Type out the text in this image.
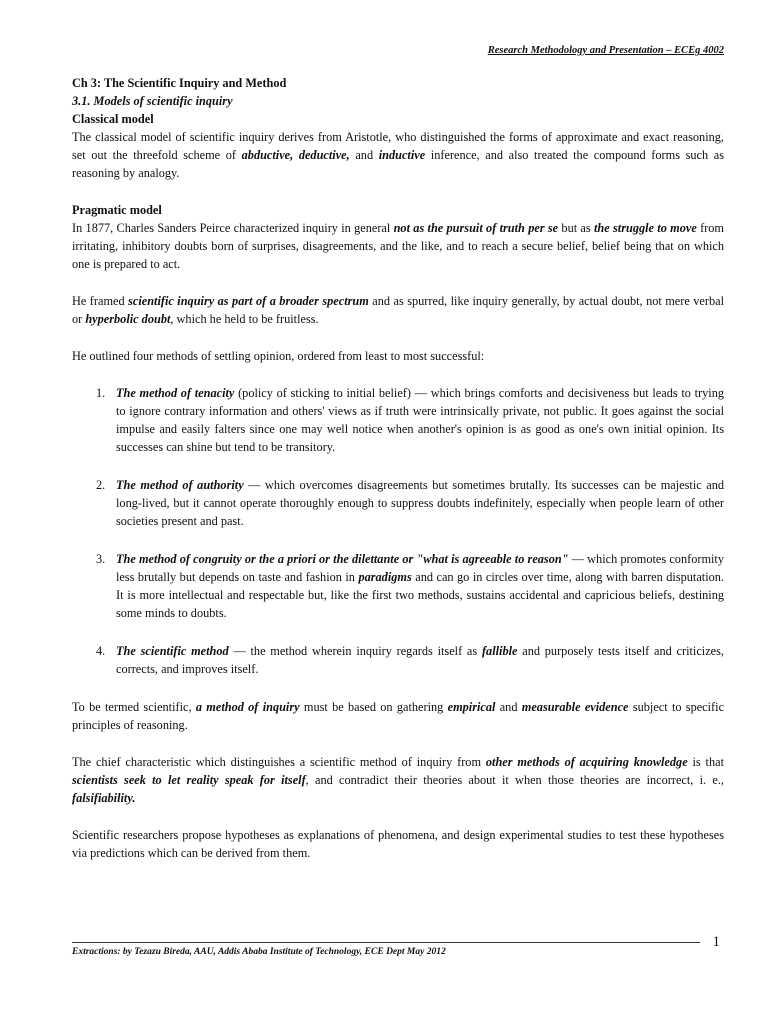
Research Methodology and Presentation – ECEg 4002

Ch 3: The Scientific Inquiry and Method

3.1. Models of scientific inquiry

Classical model

The classical model of scientific inquiry derives from Aristotle, who distinguished the forms of approximate and exact reasoning, set out the threefold scheme of abductive, deductive, and inductive inference, and also treated the compound forms such as reasoning by analogy.

Pragmatic model

In 1877, Charles Sanders Peirce characterized inquiry in general not as the pursuit of truth per se but as the struggle to move from irritating, inhibitory doubts born of surprises, disagreements, and the like, and to reach a secure belief, belief being that on which one is prepared to act.

He framed scientific inquiry as part of a broader spectrum and as spurred, like inquiry generally, by actual doubt, not mere verbal or hyperbolic doubt, which he held to be fruitless.

He outlined four methods of settling opinion, ordered from least to most successful:

1. The method of tenacity (policy of sticking to initial belief) — which brings comforts and decisiveness but leads to trying to ignore contrary information and others' views as if truth were intrinsically private, not public. It goes against the social impulse and easily falters since one may well notice when another's opinion is as good as one's own initial opinion. Its successes can shine but tend to be transitory.
2. The method of authority — which overcomes disagreements but sometimes brutally. Its successes can be majestic and long-lived, but it cannot operate thoroughly enough to suppress doubts indefinitely, especially when people learn of other societies present and past.
3. The method of congruity or the a priori or the dilettante or "what is agreeable to reason" — which promotes conformity less brutally but depends on taste and fashion in paradigms and can go in circles over time, along with barren disputation. It is more intellectual and respectable but, like the first two methods, sustains accidental and capricious beliefs, destining some minds to doubts.
4. The scientific method — the method wherein inquiry regards itself as fallible and purposely tests itself and criticizes, corrects, and improves itself.

To be termed scientific, a method of inquiry must be based on gathering empirical and measurable evidence subject to specific principles of reasoning.

The chief characteristic which distinguishes a scientific method of inquiry from other methods of acquiring knowledge is that scientists seek to let reality speak for itself, and contradict their theories about it when those theories are incorrect, i. e., falsifiability.

Scientific researchers propose hypotheses as explanations of phenomena, and design experimental studies to test these hypotheses via predictions which can be derived from them.

Extractions: by Tezazu Bireda, AAU, Addis Ababa Institute of Technology, ECE Dept May 2012
1
